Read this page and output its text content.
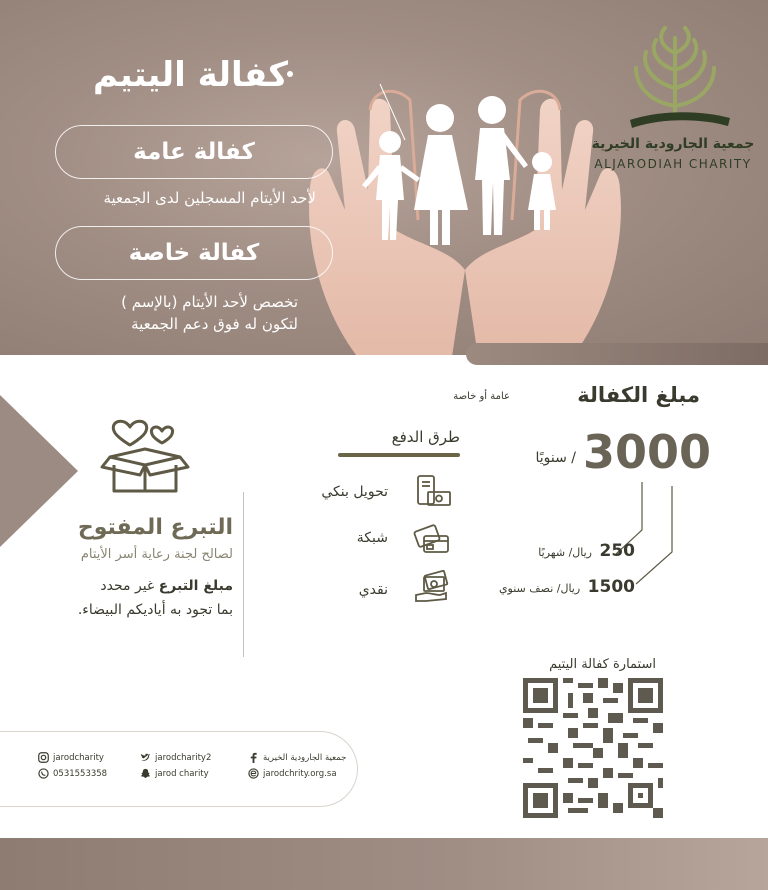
كفالة اليتيم
كفالة عامة
لأحد الأيتام المسجلين لدى الجمعية
كفالة خاصة
تخصص لأحد الأيتام (بالإسم )
لتكون له فوق دعم الجمعية
جمعية الجارودية الخيرية
ALJARODIAH CHARITY
التبرع المفتوح
لصالح لجنة رعاية أسر الأيتام
مبلغ التبرع غير محدد
بما تجود به أياديكم البيضاء.
طرق الدفع
تحويل بنكي
شبكة
نقدي
مبلغ الكفالة
عامة أو خاصة
3000
/ سنويًا
250 ريال/ شهريًا
1500 ريال/ نصف سنوي
استمارة كفالة اليتيم
jarodcharity
0531553358
jarodcharity2
jarod charity
جمعية الجارودية الخيرية
jarodchrity.org.sa
